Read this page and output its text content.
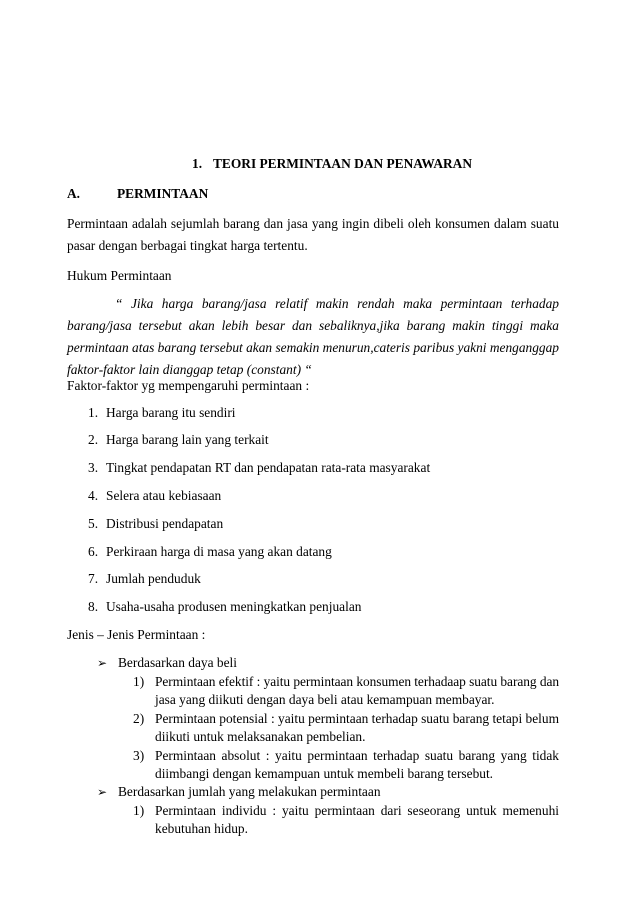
1. TEORI PERMINTAAN DAN PENAWARAN
A.	PERMINTAAN
Permintaan adalah sejumlah barang dan jasa yang ingin dibeli oleh konsumen dalam suatu
pasar dengan berbagai tingkat harga tertentu.
Hukum Permintaan
“ Jika harga barang/jasa relatif makin rendah maka permintaan terhadap
barang/jasa tersebut akan lebih besar dan sebaliknya,jika barang makin tinggi maka
permintaan atas barang tersebut akan semakin menurun,cateris paribus yakni menganggap
faktor-faktor lain dianggap tetap (constant) “
Faktor-faktor yg mempengaruhi permintaan :
1. Harga barang itu sendiri
2. Harga barang lain yang terkait
3. Tingkat pendapatan RT dan pendapatan rata-rata masyarakat
4. Selera atau kebiasaan
5. Distribusi pendapatan
6. Perkiraan harga di masa yang akan datang
7. Jumlah penduduk
8. Usaha-usaha produsen meningkatkan penjualan
Jenis – Jenis Permintaan :
➢ Berdasarkan daya beli
1) Permintaan efektif : yaitu permintaan konsumen terhadaap suatu barang dan
jasa yang diikuti dengan daya beli atau kemampuan membayar.
2) Permintaan potensial : yaitu permintaan terhadap suatu barang tetapi belum
diikuti untuk melaksanakan pembelian.
3) Permintaan absolut : yaitu permintaan terhadap suatu barang yang tidak
diimbangi dengan kemampuan untuk membeli barang tersebut.
➢ Berdasarkan jumlah yang melakukan permintaan
1) Permintaan individu : yaitu permintaan dari seseorang untuk memenuhi
kebutuhan hidup.
